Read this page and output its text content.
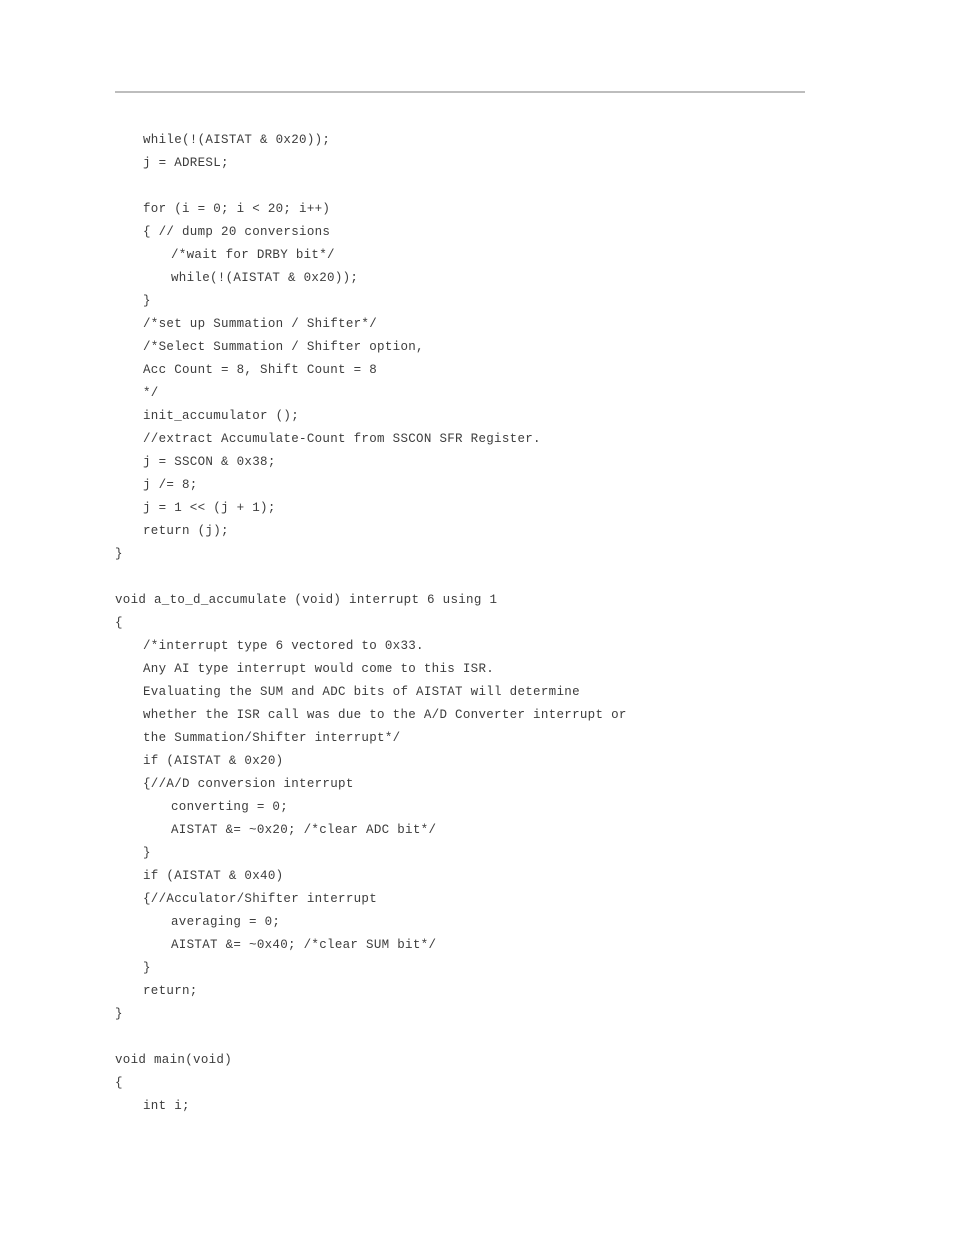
while(!(AISTAT & 0x20));
j = ADRESL;
for (i = 0; i < 20; i++)
{ // dump 20 conversions
/*wait for DRBY bit*/
while(!(AISTAT & 0x20));
}
/*set up Summation / Shifter*/
/*Select Summation / Shifter option,
Acc Count = 8, Shift Count = 8
*/
init_accumulator ();
//extract Accumulate-Count from SSCON SFR Register.
j = SSCON & 0x38;
j /= 8;
j = 1 << (j + 1);
return (j);
}
void a_to_d_accumulate (void) interrupt 6 using 1
{
/*interrupt type 6 vectored to 0x33.
Any AI type interrupt would come to this ISR.
Evaluating the SUM and ADC bits of AISTAT will determine
whether the ISR call was due to the A/D Converter interrupt or
the Summation/Shifter interrupt*/
if (AISTAT & 0x20)
{//A/D conversion interrupt
converting = 0;
AISTAT &= ~0x20; /*clear ADC bit*/
}
if (AISTAT & 0x40)
{//Acculator/Shifter interrupt
averaging = 0;
AISTAT &= ~0x40; /*clear SUM bit*/
}
return;
}
void main(void)
{
int i;
